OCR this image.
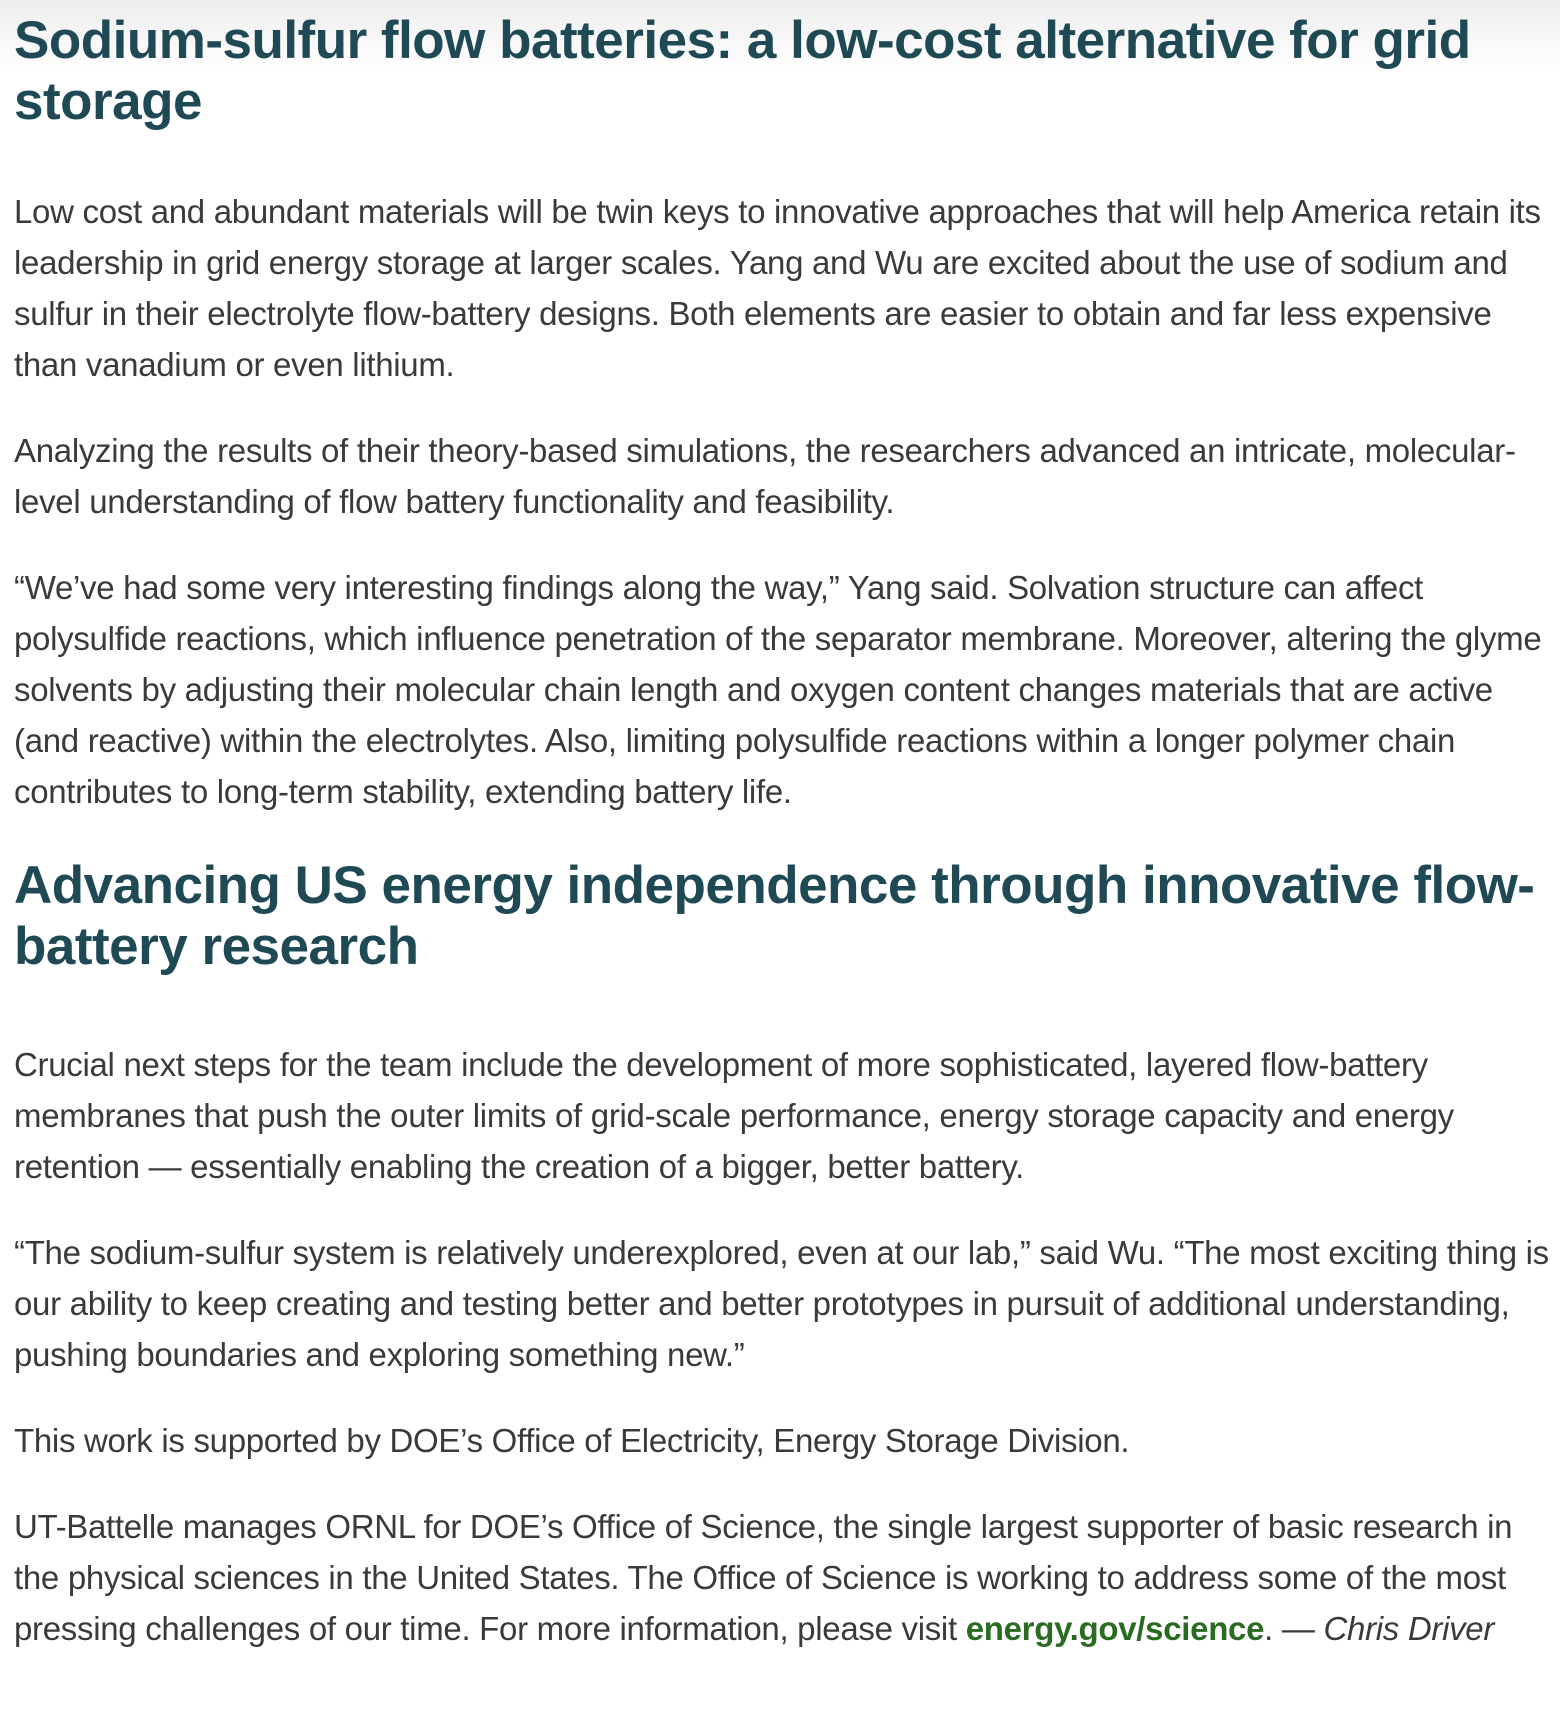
Sodium-sulfur flow batteries: a low-cost alternative for grid storage

Low cost and abundant materials will be twin keys to innovative approaches that will help America retain its leadership in grid energy storage at larger scales. Yang and Wu are excited about the use of sodium and sulfur in their electrolyte flow-battery designs. Both elements are easier to obtain and far less expensive than vanadium or even lithium.

Analyzing the results of their theory-based simulations, the researchers advanced an intricate, molecular-level understanding of flow battery functionality and feasibility.

“We’ve had some very interesting findings along the way,” Yang said. Solvation structure can affect polysulfide reactions, which influence penetration of the separator membrane. Moreover, altering the glyme solvents by adjusting their molecular chain length and oxygen content changes materials that are active (and reactive) within the electrolytes. Also, limiting polysulfide reactions within a longer polymer chain contributes to long-term stability, extending battery life.

Advancing US energy independence through innovative flow-battery research

Crucial next steps for the team include the development of more sophisticated, layered flow-battery membranes that push the outer limits of grid-scale performance, energy storage capacity and energy retention — essentially enabling the creation of a bigger, better battery.

“The sodium-sulfur system is relatively underexplored, even at our lab,” said Wu. “The most exciting thing is our ability to keep creating and testing better and better prototypes in pursuit of additional understanding, pushing boundaries and exploring something new.”

This work is supported by DOE’s Office of Electricity, Energy Storage Division.

UT-Battelle manages ORNL for DOE’s Office of Science, the single largest supporter of basic research in the physical sciences in the United States. The Office of Science is working to address some of the most pressing challenges of our time. For more information, please visit energy.gov/science. — Chris Driver
